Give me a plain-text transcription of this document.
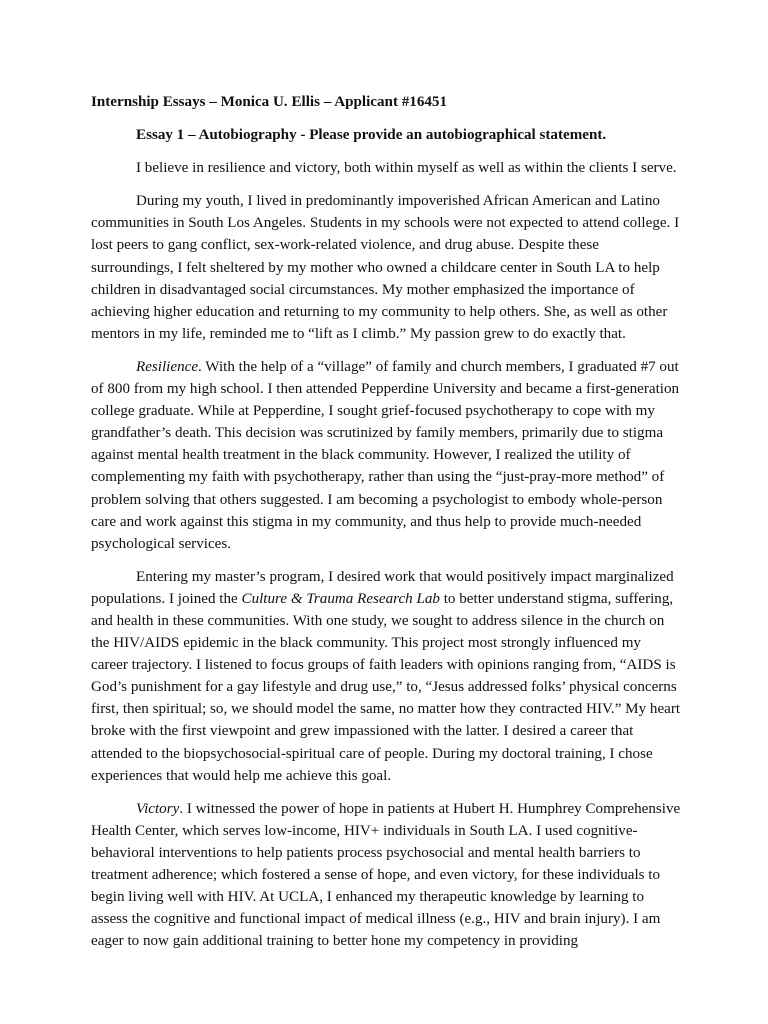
Internship Essays – Monica U. Ellis – Applicant #16451
Essay 1 – Autobiography - Please provide an autobiographical statement.

I believe in resilience and victory, both within myself as well as within the clients I serve.

During my youth, I lived in predominantly impoverished African American and Latino communities in South Los Angeles. Students in my schools were not expected to attend college. I lost peers to gang conflict, sex-work-related violence, and drug abuse. Despite these surroundings, I felt sheltered by my mother who owned a childcare center in South LA to help children in disadvantaged social circumstances. My mother emphasized the importance of achieving higher education and returning to my community to help others. She, as well as other mentors in my life, reminded me to “lift as I climb.” My passion grew to do exactly that.

Resilience. With the help of a “village” of family and church members, I graduated #7 out of 800 from my high school. I then attended Pepperdine University and became a first-generation college graduate. While at Pepperdine, I sought grief-focused psychotherapy to cope with my grandfather’s death. This decision was scrutinized by family members, primarily due to stigma against mental health treatment in the black community. However, I realized the utility of complementing my faith with psychotherapy, rather than using the “just-pray-more method” of problem solving that others suggested. I am becoming a psychologist to embody whole-person care and work against this stigma in my community, and thus help to provide much-needed psychological services.

Entering my master’s program, I desired work that would positively impact marginalized populations. I joined the Culture & Trauma Research Lab to better understand stigma, suffering, and health in these communities. With one study, we sought to address silence in the church on the HIV/AIDS epidemic in the black community. This project most strongly influenced my career trajectory. I listened to focus groups of faith leaders with opinions ranging from, “AIDS is God’s punishment for a gay lifestyle and drug use,” to, “Jesus addressed folks’ physical concerns first, then spiritual; so, we should model the same, no matter how they contracted HIV.” My heart broke with the first viewpoint and grew impassioned with the latter. I desired a career that attended to the biopsychosocial-spiritual care of people. During my doctoral training, I chose experiences that would help me achieve this goal.

Victory. I witnessed the power of hope in patients at Hubert H. Humphrey Comprehensive Health Center, which serves low-income, HIV+ individuals in South LA. I used cognitive-behavioral interventions to help patients process psychosocial and mental health barriers to treatment adherence; which fostered a sense of hope, and even victory, for these individuals to begin living well with HIV. At UCLA, I enhanced my therapeutic knowledge by learning to assess the cognitive and functional impact of medical illness (e.g., HIV and brain injury). I am eager to now gain additional training to better hone my competency in providing
